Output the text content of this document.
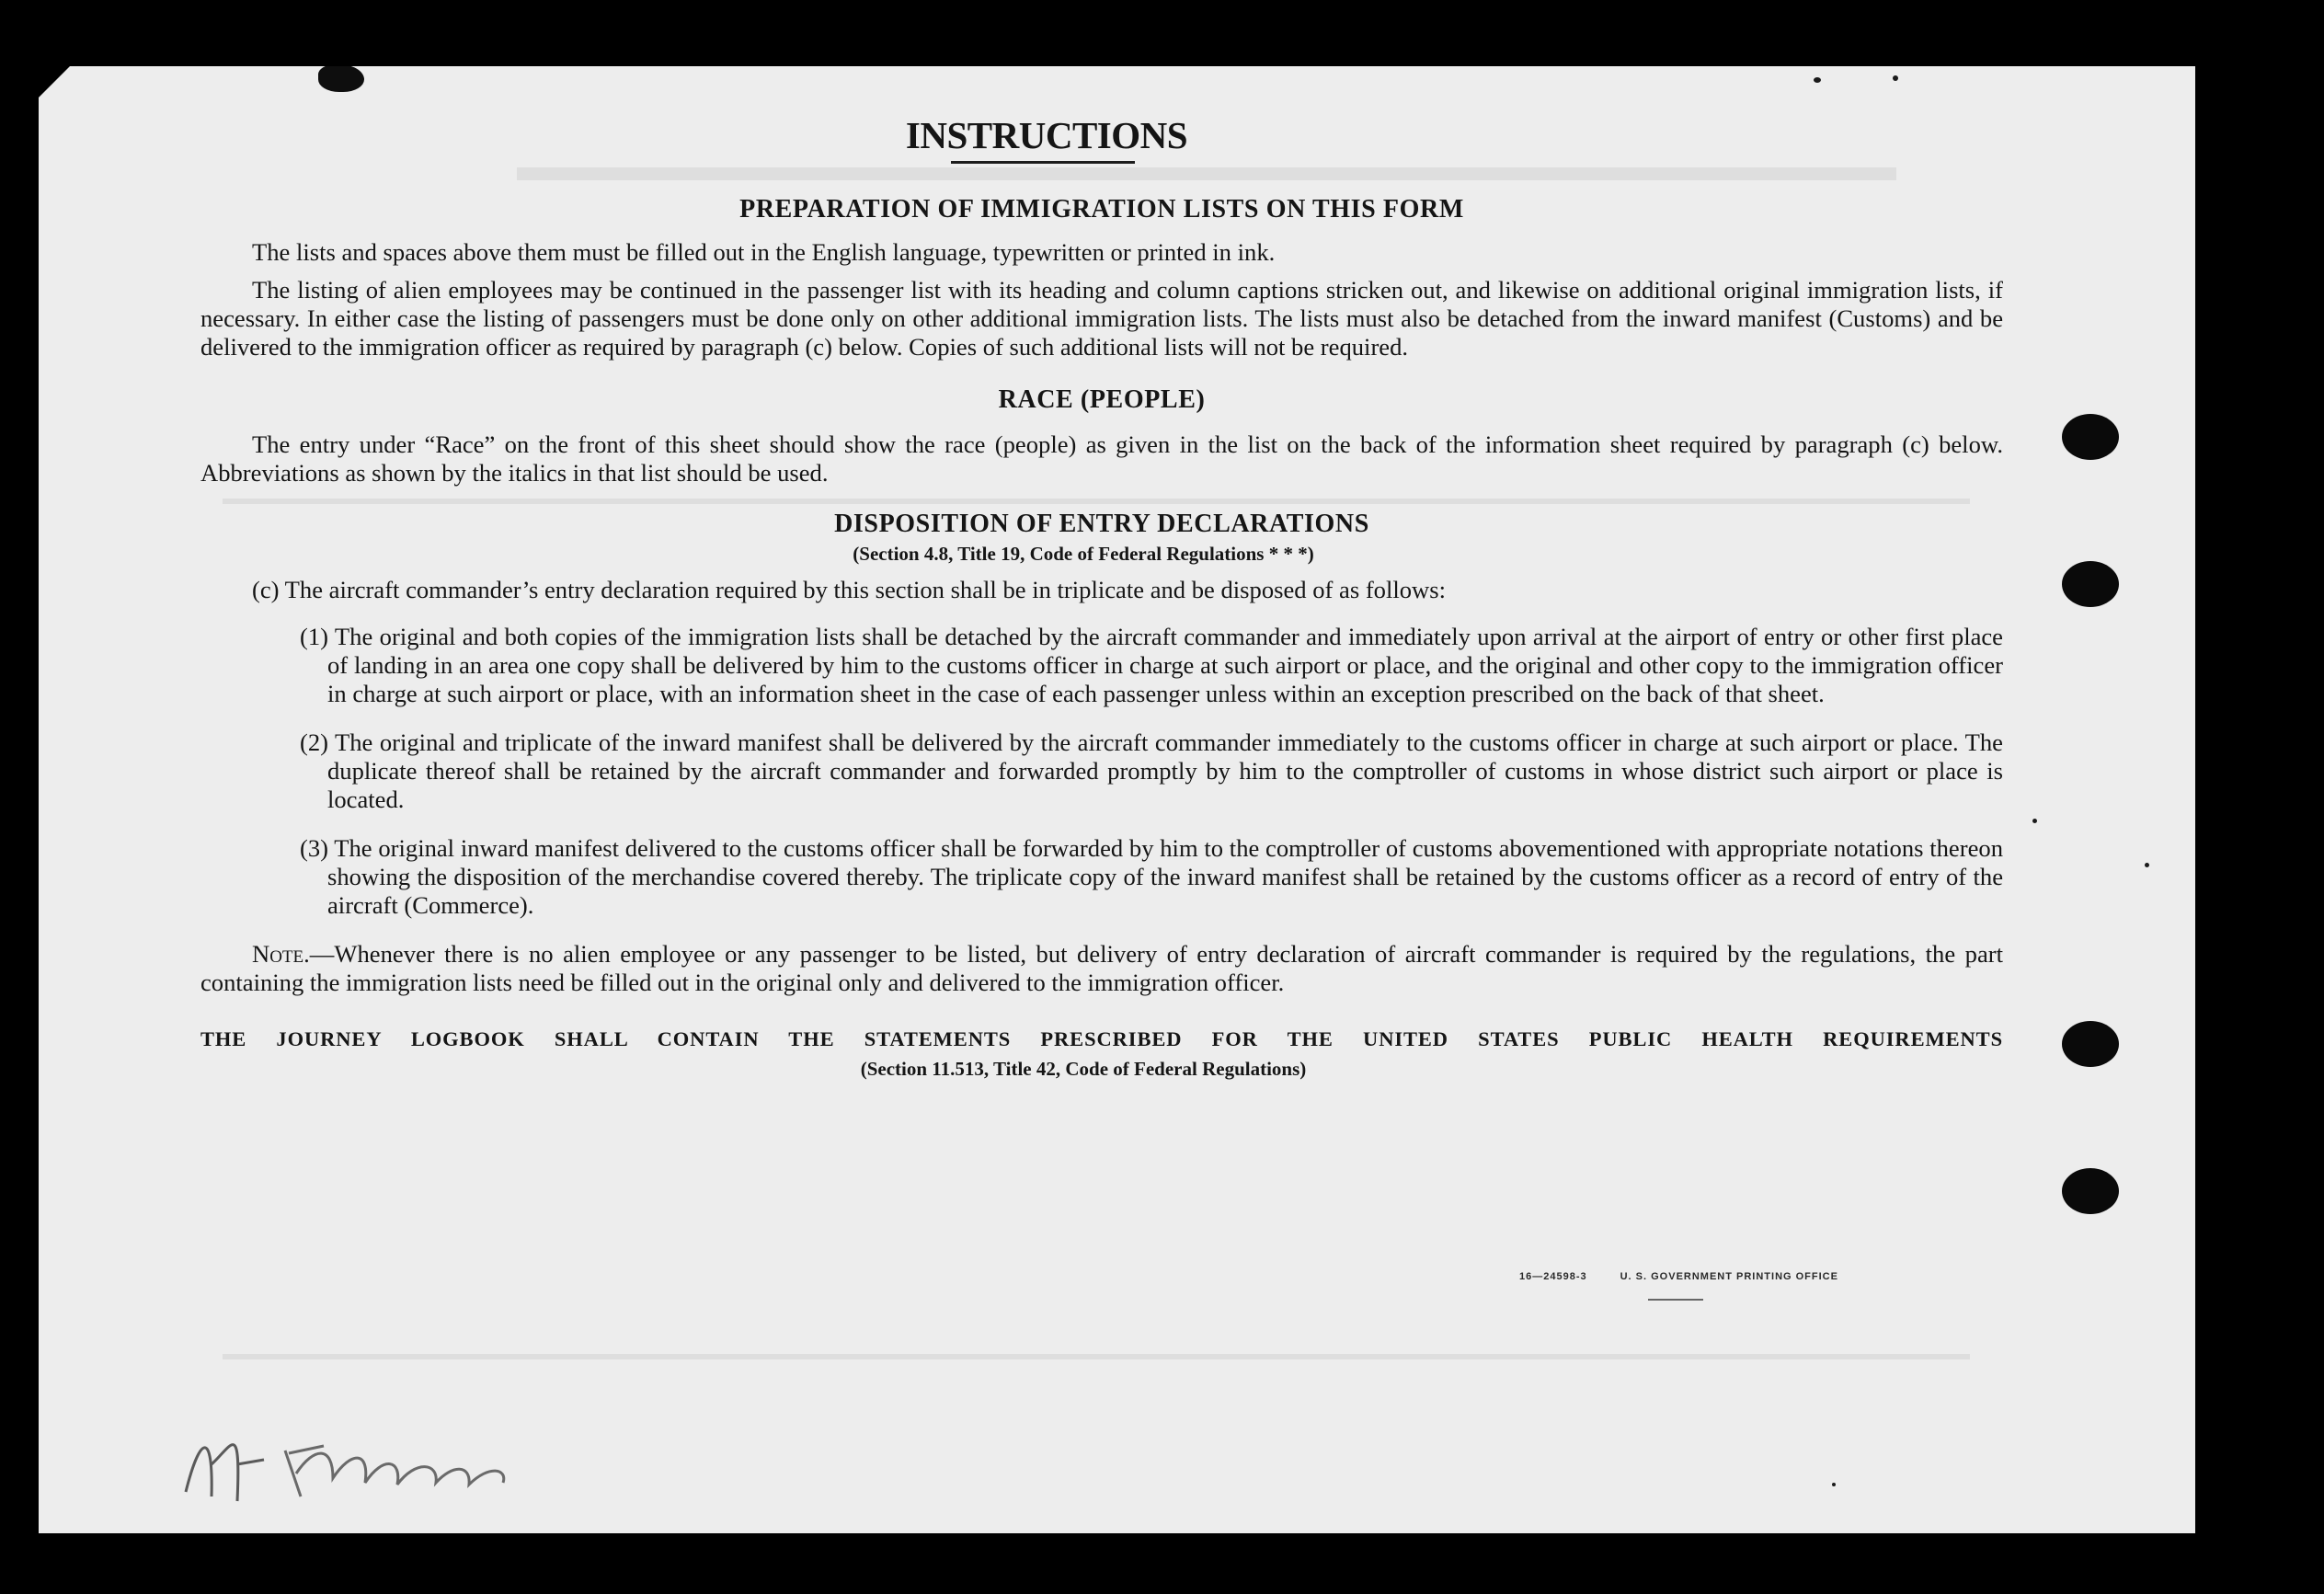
INSTRUCTIONS
PREPARATION OF IMMIGRATION LISTS ON THIS FORM

The lists and spaces above them must be filled out in the English language, typewritten or printed in ink.

The listing of alien employees may be continued in the passenger list with its heading and column captions stricken out, and likewise on additional original immigration lists, if necessary. In either case the listing of passengers must be done only on other additional immigration lists. The lists must also be detached from the inward manifest (Customs) and be delivered to the immigration officer as required by paragraph (c) below. Copies of such additional lists will not be required.

RACE (PEOPLE)

The entry under “Race” on the front of this sheet should show the race (people) as given in the list on the back of the information sheet required by paragraph (c) below. Abbreviations as shown by the italics in that list should be used.

DISPOSITION OF ENTRY DECLARATIONS

(Section 4.8, Title 19, Code of Federal Regulations * * *)

(c) The aircraft commander’s entry declaration required by this section shall be in triplicate and be disposed of as follows:

(1) The original and both copies of the immigration lists shall be detached by the aircraft commander and immediately upon arrival at the airport of entry or other first place of landing in an area one copy shall be delivered by him to the customs officer in charge at such airport or place, and the original and other copy to the immigration officer in charge at such airport or place, with an information sheet in the case of each passenger unless within an exception prescribed on the back of that sheet.

(2) The original and triplicate of the inward manifest shall be delivered by the aircraft commander immediately to the customs officer in charge at such airport or place. The duplicate thereof shall be retained by the aircraft commander and forwarded promptly by him to the comptroller of customs in whose district such airport or place is located.

(3) The original inward manifest delivered to the customs officer shall be forwarded by him to the comptroller of customs abovementioned with appropriate notations thereon showing the disposition of the merchandise covered thereby. The triplicate copy of the inward manifest shall be retained by the customs officer as a record of entry of the aircraft (Commerce).

Note.—Whenever there is no alien employee or any passenger to be listed, but delivery of entry declaration of aircraft commander is required by the regulations, the part containing the immigration lists need be filled out in the original only and delivered to the immigration officer.

THE JOURNEY LOGBOOK SHALL CONTAIN THE STATEMENTS PRESCRIBED FOR THE UNITED STATES PUBLIC HEALTH REQUIREMENTS

(Section 11.513, Title 42, Code of Federal Regulations)

16—24598-3	U. S. GOVERNMENT PRINTING OFFICE
